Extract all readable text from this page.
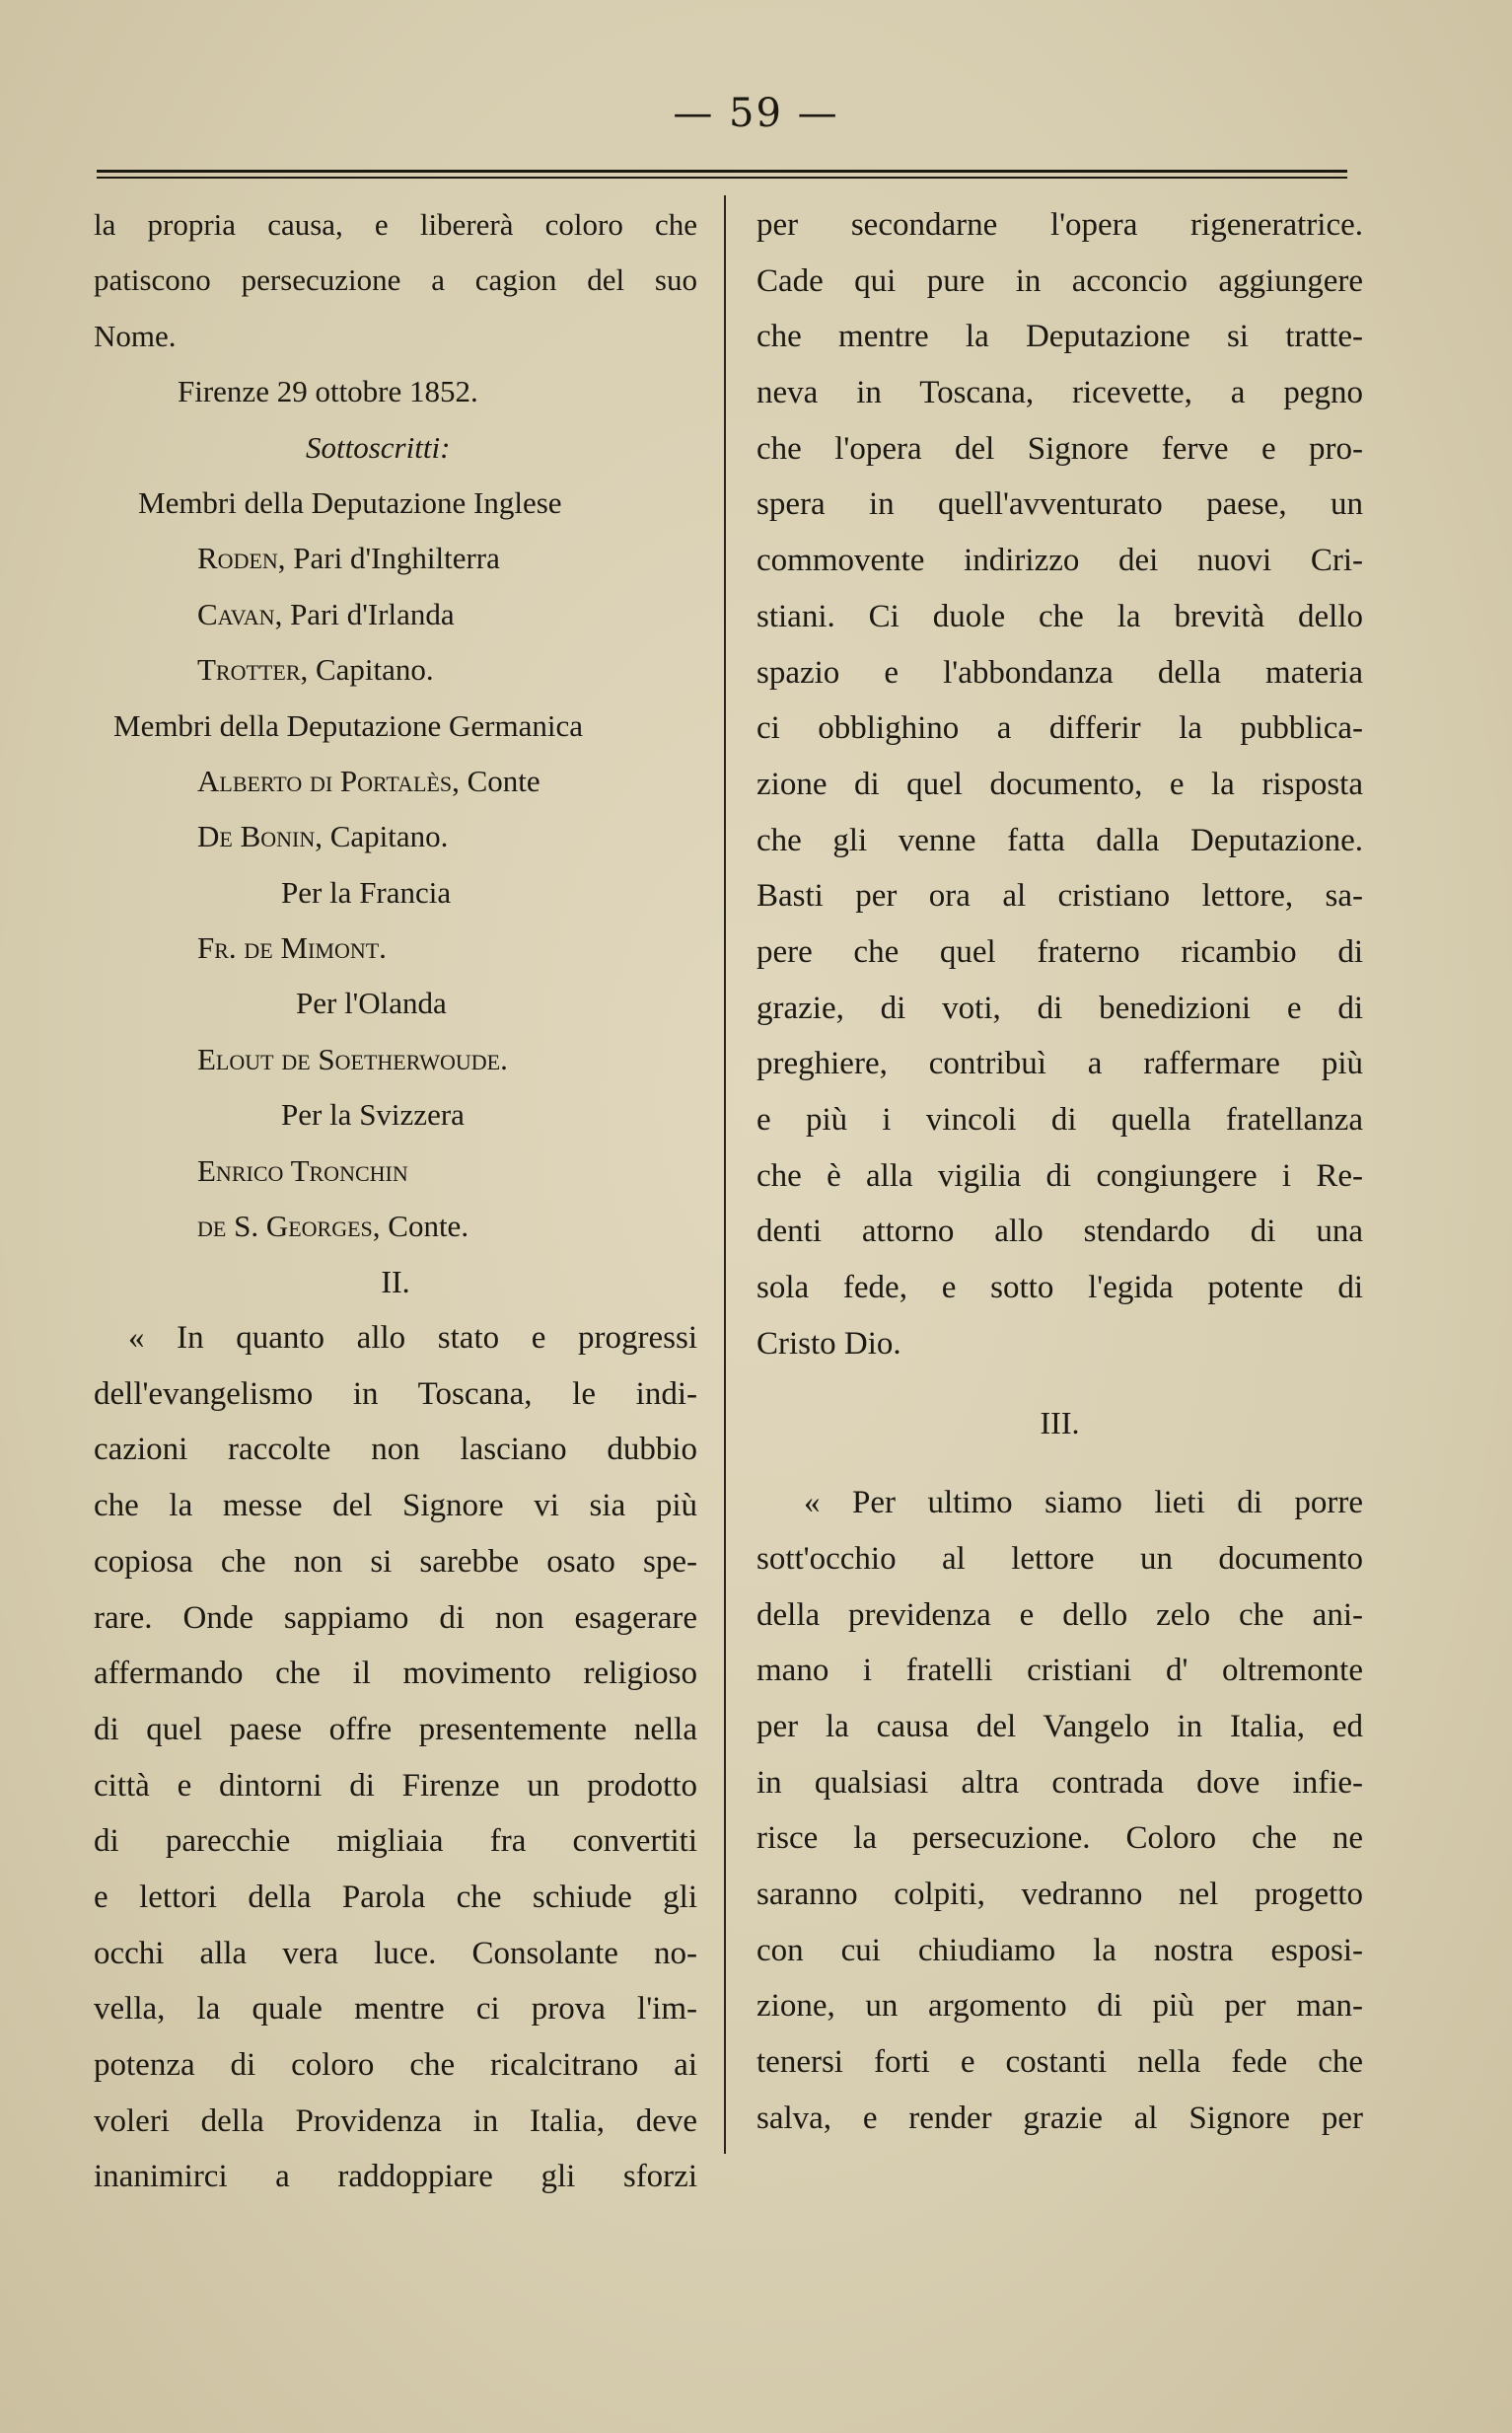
— 59 —
la propria causa, e libererà coloro che
patiscono persecuzione a cagion del suo
Nome.
Firenze 29 ottobre 1852.
Sottoscritti:
Membri della Deputazione Inglese
Roden, Pari d'Inghilterra
Cavan, Pari d'Irlanda
Trotter, Capitano.
Membri della Deputazione Germanica
Alberto di Portalès, Conte
De Bonin, Capitano.
Per la Francia
Fr. de Mimont.
Per l'Olanda
Elout de Soetherwoude.
Per la Svizzera
Enrico Tronchin
de S. Georges, Conte.
II.
« In quanto allo stato e progressi
dell'evangelismo in Toscana, le indi-
cazioni raccolte non lasciano dubbio
che la messe del Signore vi sia più
copiosa che non si sarebbe osato spe-
rare. Onde sappiamo di non esagerare
affermando che il movimento religioso
di quel paese offre presentemente nella
città e dintorni di Firenze un prodotto
di parecchie migliaia fra convertiti
e lettori della Parola che schiude gli
occhi alla vera luce. Consolante no-
vella, la quale mentre ci prova l'im-
potenza di coloro che ricalcitrano ai
voleri della Providenza in Italia, deve
inanimirci a raddoppiare gli sforzi
per secondarne l'opera rigeneratrice.
Cade qui pure in acconcio aggiungere
che mentre la Deputazione si tratte-
neva in Toscana, ricevette, a pegno
che l'opera del Signore ferve e pro-
spera in quell'avventurato paese, un
commovente indirizzo dei nuovi Cri-
stiani. Ci duole che la brevità dello
spazio e l'abbondanza della materia
ci obblighino a differir la pubblica-
zione di quel documento, e la risposta
che gli venne fatta dalla Deputazione.
Basti per ora al cristiano lettore, sa-
pere che quel fraterno ricambio di
grazie, di voti, di benedizioni e di
preghiere, contribuì a raffermare più
e più i vincoli di quella fratellanza
che è alla vigilia di congiungere i Re-
denti attorno allo stendardo di una
sola fede, e sotto l'egida potente di
Cristo Dio.
III.
« Per ultimo siamo lieti di porre
sott'occhio al lettore un documento
della previdenza e dello zelo che ani-
mano i fratelli cristiani d' oltremonte
per la causa del Vangelo in Italia, ed
in qualsiasi altra contrada dove infie-
risce la persecuzione. Coloro che ne
saranno colpiti, vedranno nel progetto
con cui chiudiamo la nostra esposi-
zione, un argomento di più per man-
tenersi forti e costanti nella fede che
salva, e render grazie al Signore per
